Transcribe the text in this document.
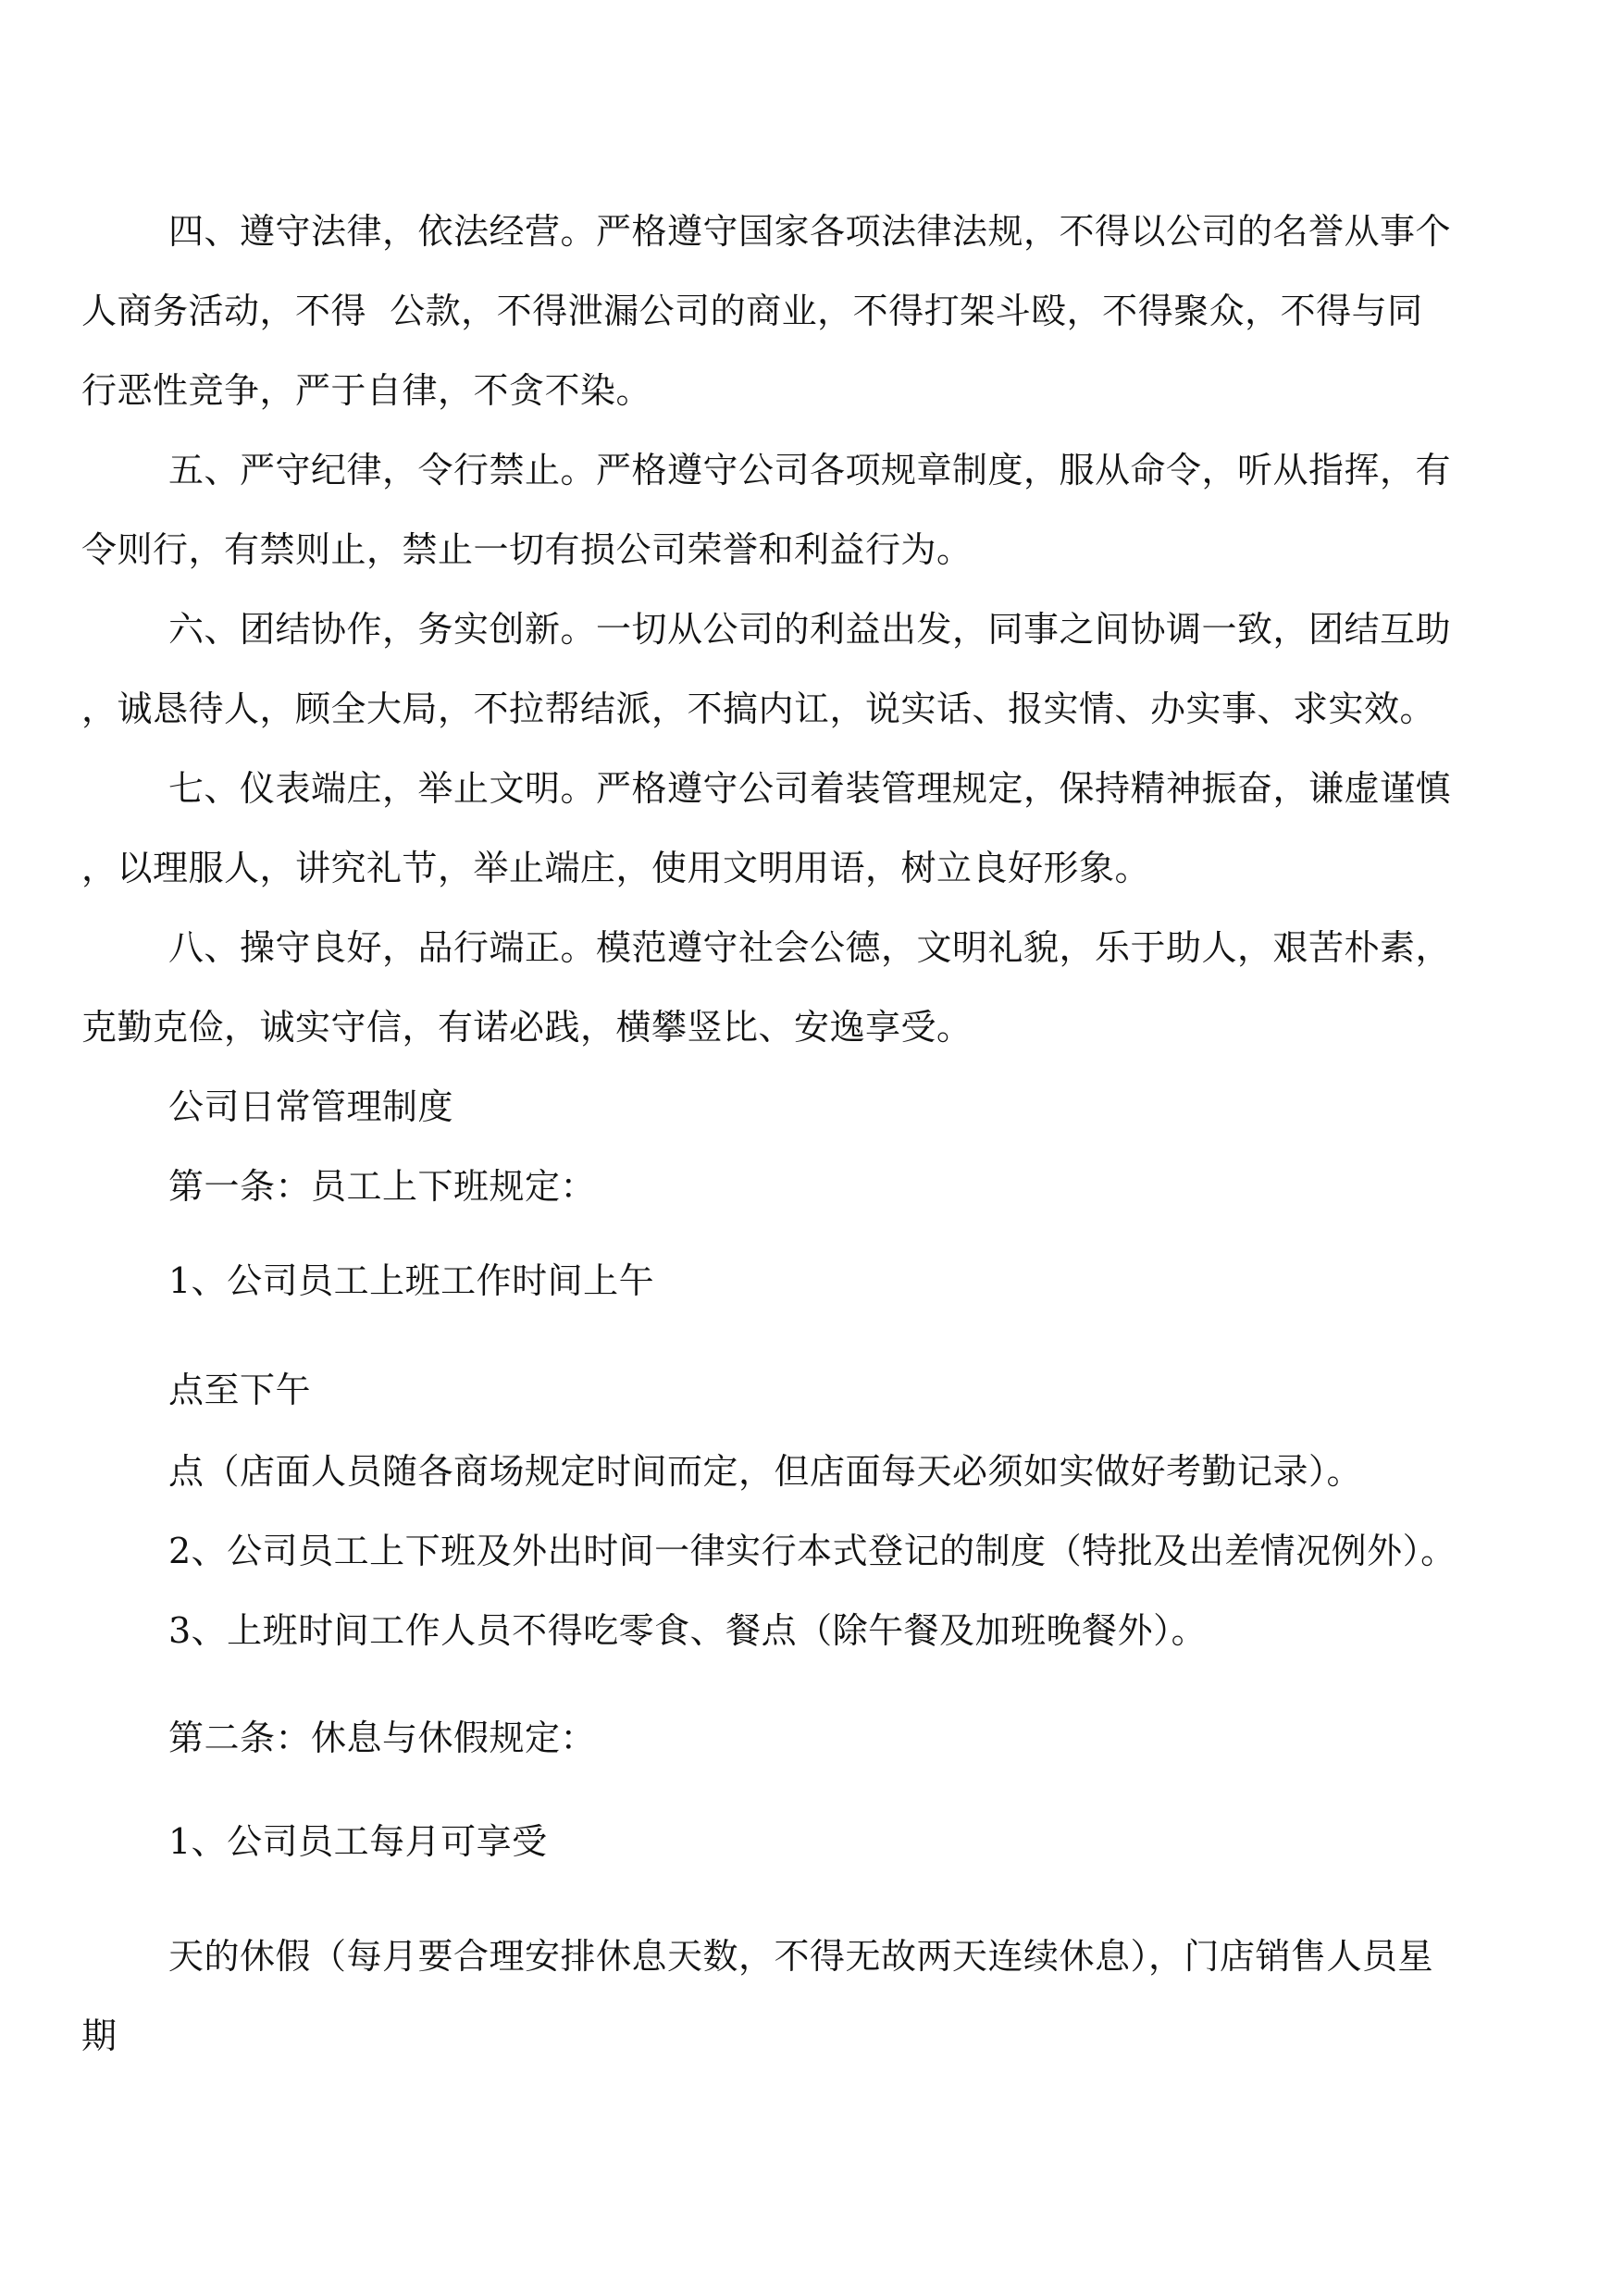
四、遵守法律，依法经营。严格遵守国家各项法律法规，不得以公司的名誉从事个
人商务活动，不得  公款，不得泄漏公司的商业，不得打架斗殴，不得聚众，不得与同
行恶性竞争，严于自律，不贪不染。
五、严守纪律，令行禁止。严格遵守公司各项规章制度，服从命令，听从指挥，有
令则行，有禁则止，禁止一切有损公司荣誉和利益行为。
六、团结协作，务实创新。一切从公司的利益出发，同事之间协调一致，团结互助
，诚恳待人，顾全大局，不拉帮结派，不搞内讧，说实话、报实情、办实事、求实效。
七、仪表端庄，举止文明。严格遵守公司着装管理规定，保持精神振奋，谦虚谨慎
，以理服人，讲究礼节，举止端庄，使用文明用语，树立良好形象。
八、操守良好，品行端正。模范遵守社会公德，文明礼貌，乐于助人，艰苦朴素，
克勤克俭，诚实守信，有诺必践，横攀竖比、安逸享受。
公司日常管理制度
第一条：员工上下班规定：
1、公司员工上班工作时间上午
点至下午
点（店面人员随各商场规定时间而定，但店面每天必须如实做好考勤记录）。
2、公司员工上下班及外出时间一律实行本式登记的制度（特批及出差情况例外）。
3、上班时间工作人员不得吃零食、餐点（除午餐及加班晚餐外）。
第二条：休息与休假规定：
1、公司员工每月可享受
天的休假（每月要合理安排休息天数，不得无故两天连续休息），门店销售人员星
期
